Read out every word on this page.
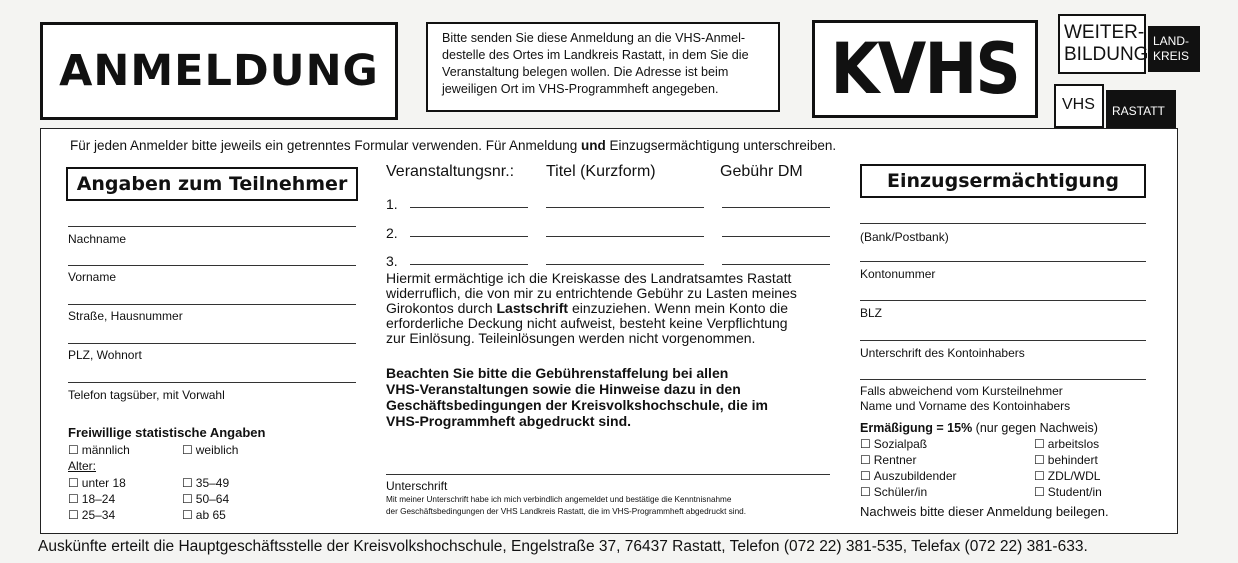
ANMELDUNG
Bitte senden Sie diese Anmeldung an die VHS-Anmel-
destelle des Ortes im Landkreis Rastatt, in dem Sie die
Veranstaltung belegen wollen. Die Adresse ist beim
jeweiligen Ort im VHS-Programmheft angegeben.	KVHS WEITER-
BILDUNG
LAND-
KREIS
VHS	RASTATT
Für jeden Anmelder bitte jeweils ein getrenntes Formular verwenden. Für Anmeldung und Einzugsermächtigung unterschreiben.
Angaben zum Teilnehmer
Nachname
Vorname
Straße, Hausnummer
PLZ, Wohnort
Telefon tagsüber, mit Vorwahl
Freiwillige statistische Angaben
☐ männlich
☐	weiblich
Alter:
☐ unter 18
☐ 18–24
☐ 25–34
☐ 35–49
☐ 50–64
☐ ab 65
Veranstaltungsnr.: Titel (Kurzform)	Gebühr DM
1.
2.
3.
Hiermit ermächtige ich die Kreiskasse des Landratsamtes Rastatt
widerruflich, die von mir zu entrichtende Gebühr zu Lasten meines
Girokontos durch Lastschrift einzuziehen. Wenn mein Konto die
erforderliche Deckung nicht aufweist, besteht keine Verpflichtung
zur Einlösung. Teileinlösungen werden nicht vorgenommen.
Beachten Sie bitte die Gebührenstaffelung bei allen
VHS-Veranstaltungen sowie die Hinweise dazu in den
Geschäftsbedingungen der Kreisvolkshochschule, die im
VHS-Programmheft abgedruckt sind.
Unterschrift
Mit meiner Unterschrift habe ich mich verbindlich angemeldet und bestätige die Kenntnisnahme
der Geschäftsbedingungen der VHS Landkreis Rastatt, die im VHS-Programmheft abgedruckt sind.
Einzugsermächtigung
(Bank/Postbank)
Kontonummer
BLZ
Unterschrift des Kontoinhabers
Falls abweichend vom Kursteilnehmer
Name und Vorname des Kontoinhabers
Ermäßigung = 15% (nur gegen Nachweis)
☐ Sozialpaß
☐ Rentner
☐ Auszubildender
☐ Schüler/in
☐ arbeitslos
☐ behindert
☐ ZDL/WDL
☐ Student/in
Nachweis bitte dieser Anmeldung beilegen.
Auskünfte erteilt die Hauptgeschäftsstelle der Kreisvolkshochschule, Engelstraße 37, 76437 Rastatt, Telefon (072 22) 381-535, Telefax (072 22) 381-633.
